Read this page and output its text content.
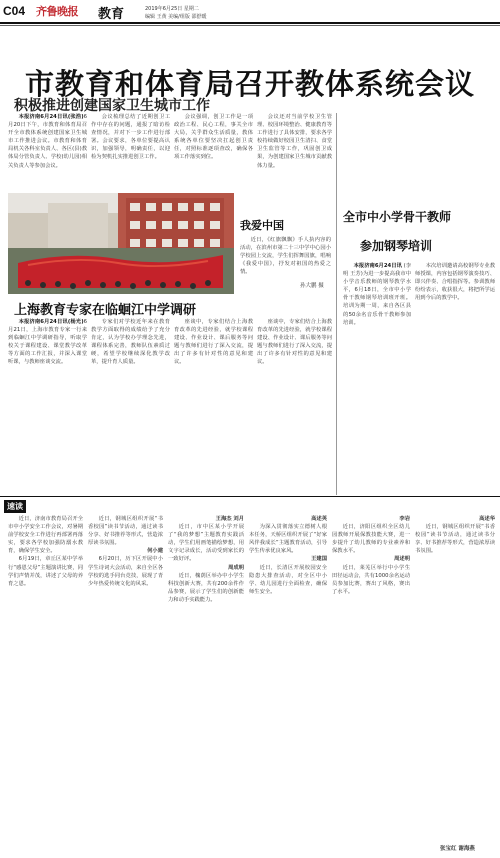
C04 齐鲁晚报 教育	2019年6月25日 星期二
编辑 王黄 美编/组版 邵舒暖
市教育和体育局召开教体系统会议
积极推进创建国家卫生城市工作

本报济南6月24日讯(张浩)6月20日下午，市教育和体育局召开全市教体系统创建国家卫生城市工作推进会议。市教育和体育局机关各科室负责人、各区(县)教体局分管负责人、学校(幼儿园)相关负责人等参加会议。

会议梳理总结了近期创卫工作中存在的问题，通报了暗访检查情况，并对下一步工作进行部署。会议要求，各单位要提高认识，加强领导，明确责任，以迎检为契机扎实推进创卫工作。

会议强调，创卫工作是一项政治工程、民心工程，事关全市大局，关乎群众生活质量，教体系统各单位要坚决扛起创卫责任，对照标准逐项查改，确保各项工作落实到位。

会议还对当前学校卫生管理、校园环境整治、健康教育等工作进行了具体安排，要求各学校持续做好校园卫生清扫、食堂卫生监管等工作，巩固创卫成果，为创建国家卫生城市贡献教体力量。

我爱中国

近日，《红旗飘飘》手人执内容的活动，在滨州市第二十三中学中心园小学校园上交流，学生们挥舞国旗，唱响《我爱中国》，抒发对祖国的热爱之情。

孙大鹏 摄
上海教育专家在临蛔江中学调研

本报济南6月24日讯(杨光)6月21日，上海市教育专家一行来到临蛔江中学调研指导，听取学校关于课程建设、课堂教学改革等方面的工作汇报，并深入课堂听课，与教师座谈交流。

专家们对学校近年来在教育教学方面取得的成绩给予了充分肯定，认为学校办学理念先进，课程体系完善，教师队伍素质过硬，希望学校继续深化教学改革，提升育人质量。

座谈中，专家们结合上海教育改革的先进经验，就学校课程建设、作业设计、课后服务等问题与教师们进行了深入交流，提出了许多有针对性的意见和建议。

座谈中，专家们结合上海教育改革的先进经验，就学校课程建设、作业设计、课后服务等问题与教师们进行了深入交流，提出了许多有针对性的意见和建议。

全市中小学骨干教师
参加钢琴培训

本报济南6月24日讯 (李明 王芳)为进一步提高我市中小学音乐教师的钢琴教学水平，6月18日，全市中小学骨干教师钢琴培训班开班。培训为期一周，来自各区县的50余名音乐骨干教师参加培训。

本次培训邀请高校钢琴专业教师授课，内容包括钢琴演奏技巧、即兴伴奏、合唱指挥等。参训教师纷纷表示，收获很大，将把所学运用到今后的教学中。

速读

近日，济南市教育局召开全市中小学安全工作会议，对暑期前学校安全工作进行再部署再落实，要求各学校加强防溺水教育，确保学生安全。

6月19日，章丘区某中学举行“感恩父母”主题演讲比赛，同学们声情并茂，讲述了父母的养育之恩。

近日，钢城区组织开展“书香校园”读书节活动，通过读书分享、好书推荐等形式，营造浓厚读书氛围。

何小建

6月20日，历下区开展中小学生诗词大会活动，来自全区各学校的选手同台竞技，展现了青少年热爱传统文化的风采。

王海杰 刘月

近日，市中区某小学开展了“我的梦想”主题教育实践活动，学生们用画笔描绘梦想，用文字记录成长，活动受到家长的一致好评。

周成明

近日，槐荫区举办中小学生科技创新大赛，共有200余件作品参赛，展示了学生们的创新能力和动手实践能力。

高述英

为深入贯彻落实立德树人根本任务，天桥区组织开展了“好家风伴我成长”主题教育活动，引导学生传承优良家风。

王建国

近日，长清区开展校园安全隐患大排查活动，对全区中小学、幼儿园进行全面检查，确保师生安全。

李岩

近日，济阳区组织全区幼儿园教师开展保教技能大赛，进一步提升了幼儿教师的专业素养和保教水平。

周述明

近日，莱芜区举行中小学生田径运动会，共有1000余名运动员参加比赛，赛出了风格，赛出了水平。

高述华

近日，钢城区组织开展“书香校园”读书节活动，通过读书分享、好书推荐等形式，营造浓厚读书氛围。

张宝红 谢海燕
